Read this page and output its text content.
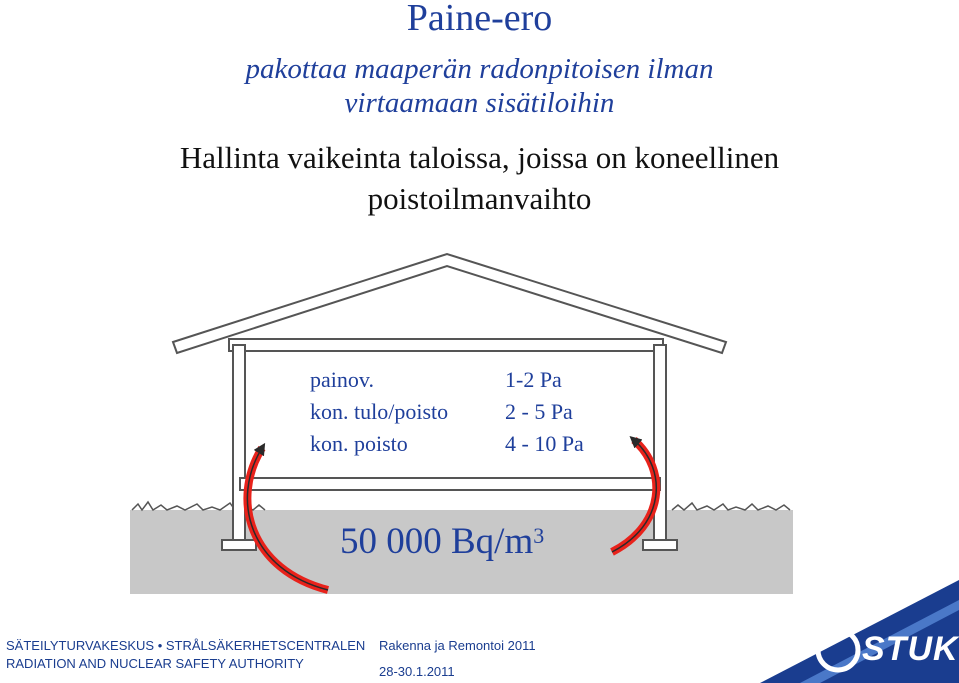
Paine-ero
pakottaa maaperän radonpitoisen ilman
virtaamaan sisätiloihin
Hallinta vaikeinta taloissa, joissa on koneellinen
poistoilmanvaihto
painov.	1-2 Pa
kon. tulo/poisto	2 - 5 Pa
kon. poisto	4 - 10 Pa
50 000 $Bq/m^3$
SÄTEILYTURVAKESKUS • STRÅLSÄKERHETSCENTRALEN
RADIATION AND NUCLEAR SAFETY AUTHORITY
Rakenna ja Remontoi 2011
28-30.1.2011
STUK
